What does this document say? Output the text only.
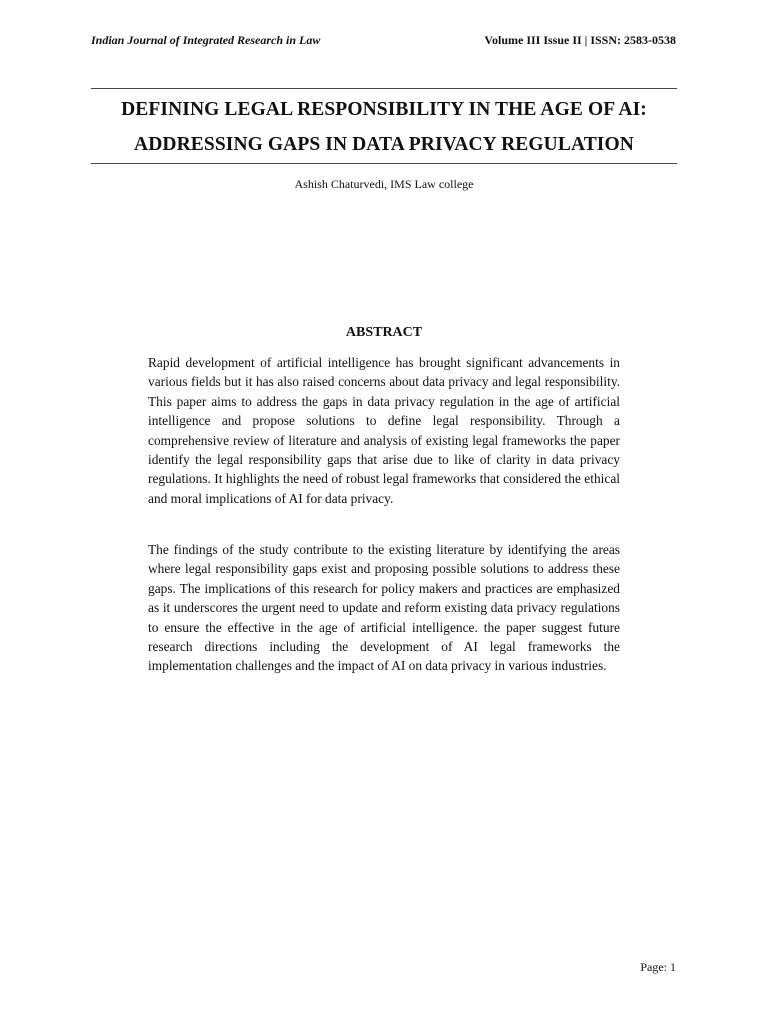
Indian Journal of Integrated Research in Law	Volume III Issue II | ISSN: 2583-0538
DEFINING LEGAL RESPONSIBILITY IN THE AGE OF AI:
ADDRESSING GAPS IN DATA PRIVACY REGULATION
Ashish Chaturvedi, IMS Law college
ABSTRACT

Rapid development of artificial intelligence has brought significant advancements in various fields but it has also raised concerns about data privacy and legal responsibility. This paper aims to address the gaps in data privacy regulation in the age of artificial intelligence and propose solutions to define legal responsibility. Through a comprehensive review of literature and analysis of existing legal frameworks the paper identify the legal responsibility gaps that arise due to like of clarity in data privacy regulations. It highlights the need of robust legal frameworks that considered the ethical and moral implications of AI for data privacy.

The findings of the study contribute to the existing literature by identifying the areas where legal responsibility gaps exist and proposing possible solutions to address these gaps. The implications of this research for policy makers and practices are emphasized as it underscores the urgent need to update and reform existing data privacy regulations to ensure the effective in the age of artificial intelligence. the paper suggest future research directions including the development of AI legal frameworks the implementation challenges and the impact of AI on data privacy in various industries.

Page: 1
